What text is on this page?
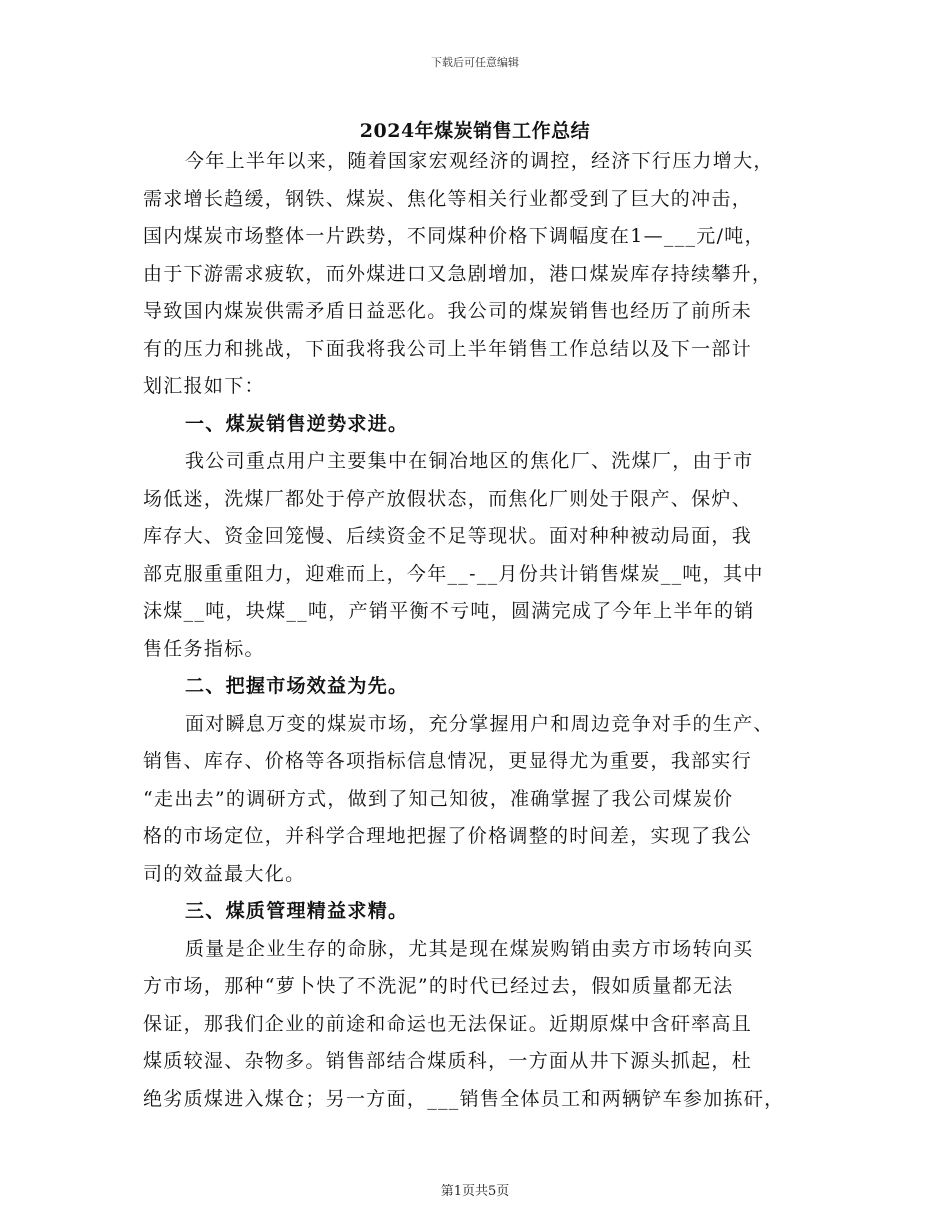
下载后可任意编辑
2024年煤炭销售工作总结
今年上半年以来，随着国家宏观经济的调控，经济下行压力增大，
需求增长趋缓，钢铁、煤炭、焦化等相关行业都受到了巨大的冲击，
国内煤炭市场整体一片跌势，不同煤种价格下调幅度在1—___元/吨，
由于下游需求疲软，而外煤进口又急剧增加，港口煤炭库存持续攀升，
导致国内煤炭供需矛盾日益恶化。我公司的煤炭销售也经历了前所未
有的压力和挑战，下面我将我公司上半年销售工作总结以及下一部计
划汇报如下：
一、煤炭销售逆势求进。
我公司重点用户主要集中在铜冶地区的焦化厂、洗煤厂，由于市
场低迷，洗煤厂都处于停产放假状态，而焦化厂则处于限产、保炉、
库存大、资金回笼慢、后续资金不足等现状。面对种种被动局面，我
部克服重重阻力，迎难而上，今年__-__月份共计销售煤炭__吨，其中
沫煤__吨，块煤__吨，产销平衡不亏吨，圆满完成了今年上半年的销
售任务指标。
二、把握市场效益为先。
面对瞬息万变的煤炭市场，充分掌握用户和周边竞争对手的生产、
销售、库存、价格等各项指标信息情况，更显得尤为重要，我部实行
“走出去”的调研方式，做到了知己知彼，准确掌握了我公司煤炭价
格的市场定位，并科学合理地把握了价格调整的时间差，实现了我公
司的效益最大化。
三、煤质管理精益求精。
质量是企业生存的命脉，尤其是现在煤炭购销由卖方市场转向买
方市场，那种“萝卜快了不洗泥”的时代已经过去，假如质量都无法
保证，那我们企业的前途和命运也无法保证。近期原煤中含矸率高且
煤质较湿、杂物多。销售部结合煤质科，一方面从井下源头抓起，杜
绝劣质煤进入煤仓；另一方面，___销售全体员工和两辆铲车参加拣矸，
第1页共5页
